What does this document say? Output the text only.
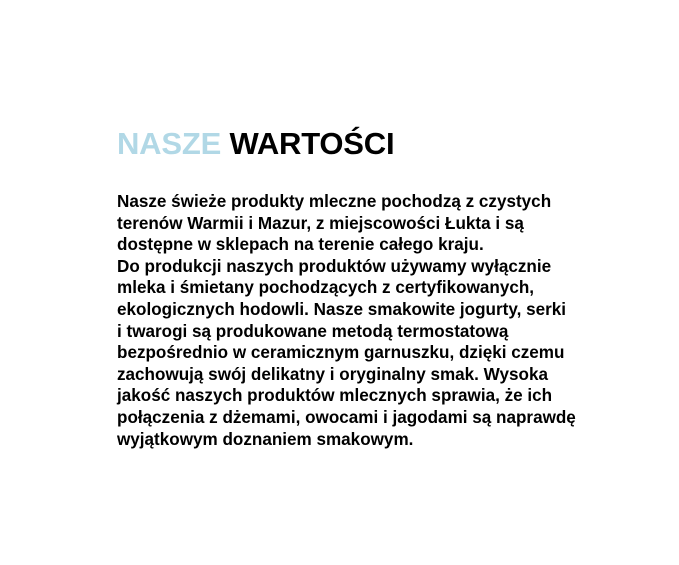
NASZE WARTOŚCI

Nasze świeże produkty mleczne pochodzą z czystych
terenów Warmii i Mazur, z miejscowości Łukta i są
dostępne w sklepach na terenie całego kraju.
Do produkcji naszych produktów używamy wyłącznie
mleka i śmietany pochodzących z certyfikowanych,
ekologicznych hodowli. Nasze smakowite jogurty, serki
i twarogi są produkowane metodą termostatową
bezpośrednio w ceramicznym garnuszku, dzięki czemu
zachowują swój delikatny i oryginalny smak. Wysoka
jakość naszych produktów mlecznych sprawia, że ich
połączenia z dżemami, owocami i jagodami są naprawdę
wyjątkowym doznaniem smakowym.
